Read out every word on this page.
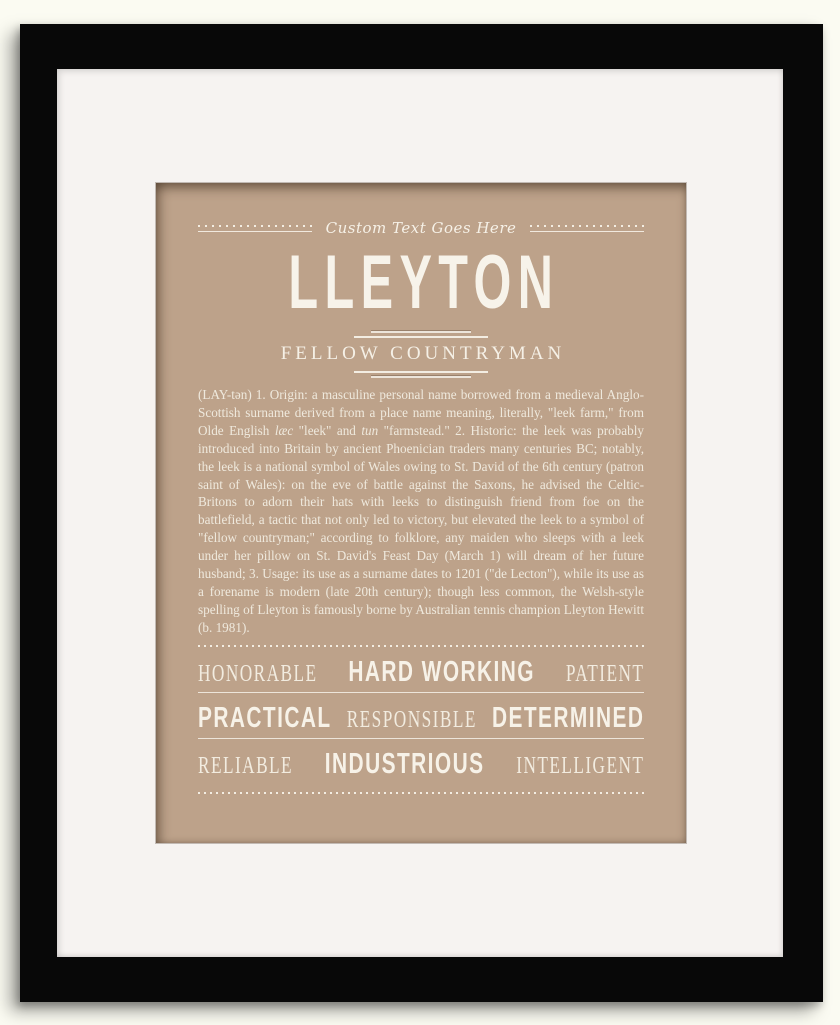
Custom Text Goes Here
LLEYTON
FELLOW COUNTRYMAN

(LAY-tən) 1. Origin: a masculine personal name borrowed from a medieval Anglo-Scottish surname derived from a place name meaning, literally, "leek farm," from Olde English læc "leek" and tun "farmstead." 2. Historic: the leek was probably introduced into Britain by ancient Phoenician traders many centuries BC; notably, the leek is a national symbol of Wales owing to St. David of the 6th century (patron saint of Wales): on the eve of battle against the Saxons, he advised the Celtic-Britons to adorn their hats with leeks to distinguish friend from foe on the battlefield, a tactic that not only led to victory, but elevated the leek to a symbol of "fellow countryman;" according to folklore, any maiden who sleeps with a leek under her pillow on St. David's Feast Day (March 1) will dream of her future husband; 3. Usage: its use as a surname dates to 1201 ("de Lecton"), while its use as a forename is modern (late 20th century); though less common, the Welsh-style spelling of Lleyton is famously borne by Australian tennis champion Lleyton Hewitt (b. 1981).

HONORABLE HARD WORKING PATIENT
PRACTICAL RESPONSIBLE DETERMINED
RELIABLE INDUSTRIOUS INTELLIGENT
